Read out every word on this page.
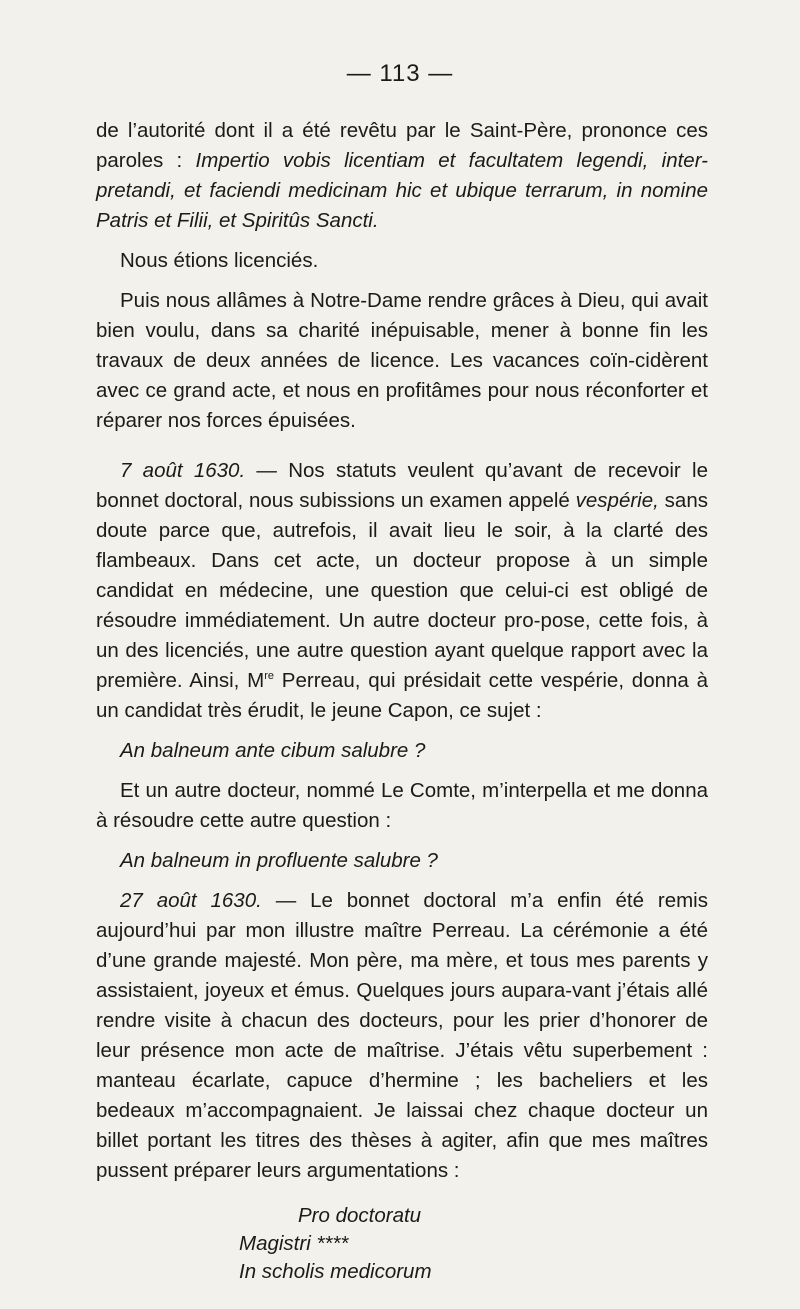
— 113 —

de l’autorité dont il a été revêtu par le Saint-Père, prononce ces paroles : Impertio vobis licentiam et facultatem legendi, inter-pretandi, et faciendi medicinam hic et ubique terrarum, in nomine Patris et Filii, et Spiritûs Sancti.

Nous étions licenciés.

Puis nous allâmes à Notre-Dame rendre grâces à Dieu, qui avait bien voulu, dans sa charité inépuisable, mener à bonne fin les travaux de deux années de licence. Les vacances coïn-cidèrent avec ce grand acte, et nous en profitâmes pour nous réconforter et réparer nos forces épuisées.

7 août 1630. — Nos statuts veulent qu’avant de recevoir le bonnet doctoral, nous subissions un examen appelé vespérie, sans doute parce que, autrefois, il avait lieu le soir, à la clarté des flambeaux. Dans cet acte, un docteur propose à un simple candidat en médecine, une question que celui-ci est obligé de résoudre immédiatement. Un autre docteur pro-pose, cette fois, à un des licenciés, une autre question ayant quelque rapport avec la première. Ainsi, Mre Perreau, qui présidait cette vespérie, donna à un candidat très érudit, le jeune Capon, ce sujet :

An balneum ante cibum salubre ?

Et un autre docteur, nommé Le Comte, m’interpella et me donna à résoudre cette autre question :

An balneum in profluente salubre ?

27 août 1630. — Le bonnet doctoral m’a enfin été remis aujourd’hui par mon illustre maître Perreau. La cérémonie a été d’une grande majesté. Mon père, ma mère, et tous mes parents y assistaient, joyeux et émus. Quelques jours aupara-vant j’étais allé rendre visite à chacun des docteurs, pour les prier d’honorer de leur présence mon acte de maîtrise. J’étais vêtu superbement : manteau écarlate, capuce d’hermine ; les bacheliers et les bedeaux m’accompagnaient. Je laissai chez chaque docteur un billet portant les titres des thèses à agiter, afin que mes maîtres pussent préparer leurs argumentations :

Pro doctoratu
Magistri ****
In scholis medicorum
